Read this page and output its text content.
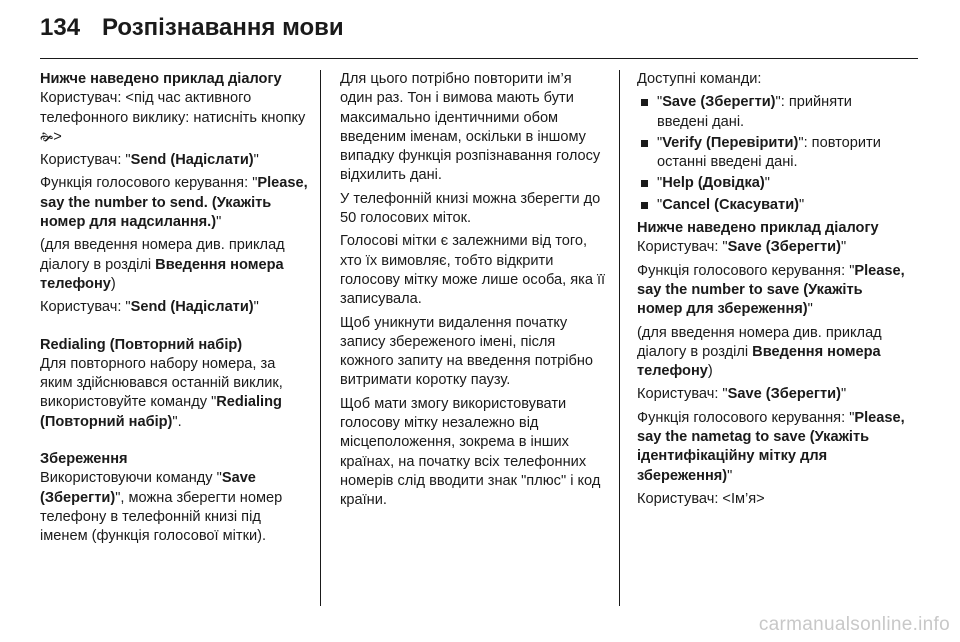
134 Розпізнавання мови
Нижче наведено приклад діалогу

Користувач: <під час активного телефонного виклику: натисніть кнопку 🙞>

Користувач: "Send (Надіслати)"

Функція голосового керування: "Please, say the number to send. (Укажіть номер для надсилання.)"

(для введення номера див. приклад діалогу в розділі Введення номера телефону)

Користувач: "Send (Надіслати)"

Redialing (Повторний набір)

Для повторного набору номера, за яким здійснювався останній виклик, використовуйте команду "Redialing (Повторний набір)".

Збереження

Використовуючи команду "Save (Зберегти)", можна зберегти номер телефону в телефонній книзі під іменем (функція голосової мітки).

Для цього потрібно повторити ім’я один раз. Тон і вимова мають бути максимально ідентичними обом введеним іменам, оскільки в іншому випадку функція розпізнавання голосу відхилить дані.

У телефонній книзі можна зберегти до 50 голосових міток.

Голосові мітки є залежними від того, хто їх вимовляє, тобто відкрити голосову мітку може лише особа, яка її записувала.

Щоб уникнути видалення початку запису збереженого імені, після кожного запиту на введення потрібно витримати коротку паузу.

Щоб мати змогу використовувати голосову мітку незалежно від місцеположення, зокрема в інших країнах, на початку всіх телефонних номерів слід вводити знак "плюс" і код країни.

Доступні команди:

"Save (Зберегти)": прийняти введені дані.
"Verify (Перевірити)": повторити останні введені дані.
"Help (Довідка)"
"Cancel (Скасувати)"
Нижче наведено приклад діалогу

Користувач: "Save (Зберегти)"

Функція голосового керування: "Please, say the number to save (Укажіть номер для збереження)"

(для введення номера див. приклад діалогу в розділі Введення номера телефону)

Користувач: "Save (Зберегти)"

Функція голосового керування: "Please, say the nametag to save (Укажіть ідентифікаційну мітку для збереження)"

Користувач: <Ім’я>

carmanualsonline.info
